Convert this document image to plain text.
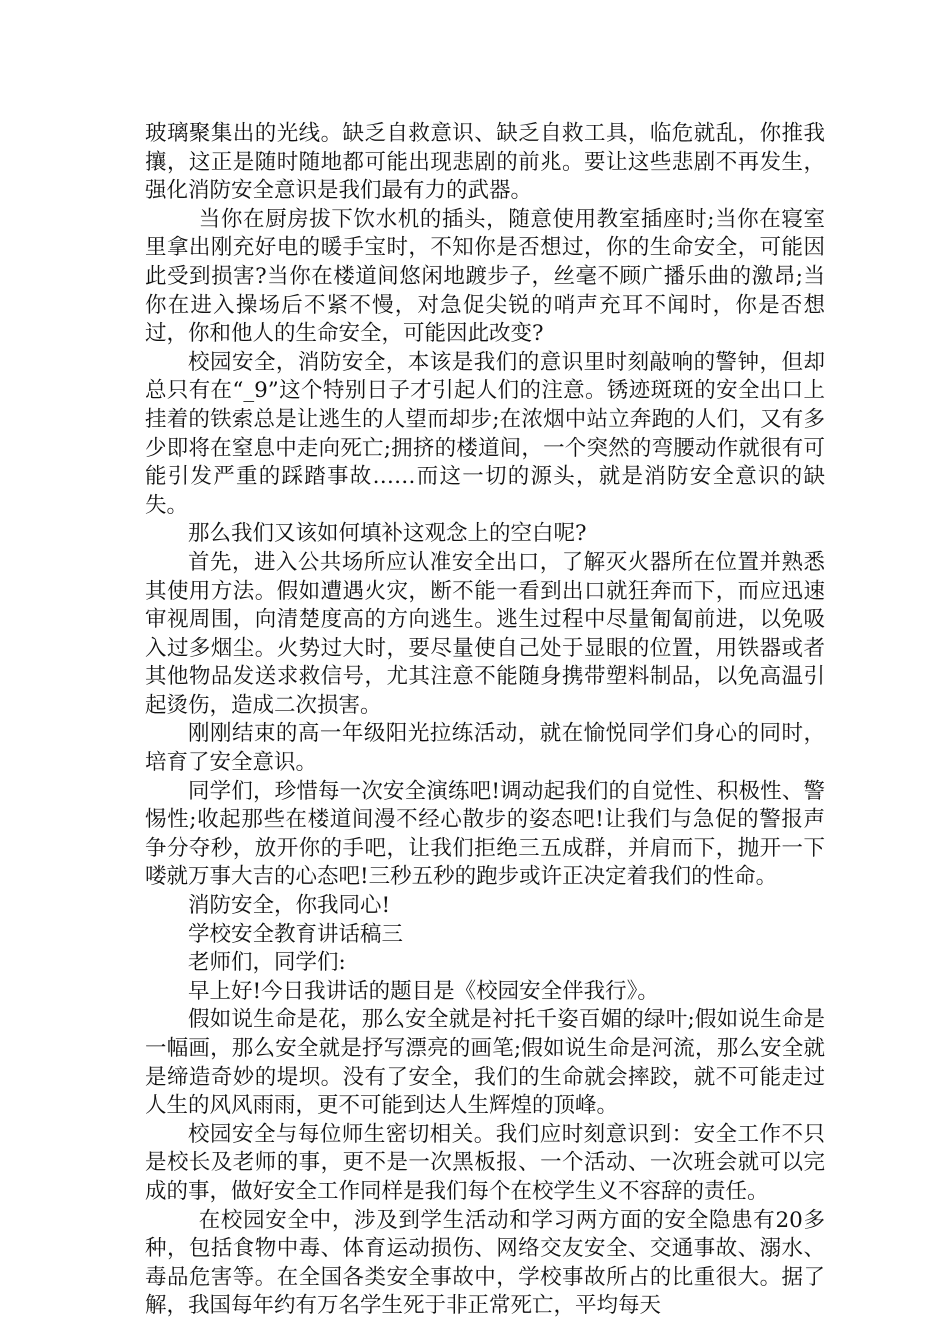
玻璃聚集出的光线。缺乏自救意识、缺乏自救工具，临危就乱，你推我攘，这正是随时随地都可能出现悲剧的前兆。要让这些悲剧不再发生，强化消防安全意识是我们最有力的武器。

当你在厨房拔下饮水机的插头，随意使用教室插座时;当你在寝室里拿出刚充好电的暖手宝时，不知你是否想过，你的生命安全，可能因此受到损害?当你在楼道间悠闲地踱步子，丝毫不顾广播乐曲的激昂;当你在进入操场后不紧不慢，对急促尖锐的哨声充耳不闻时，你是否想过，你和他人的生命安全，可能因此改变?

校园安全，消防安全，本该是我们的意识里时刻敲响的警钟，但却总只有在“_9”这个特别日子才引起人们的注意。锈迹斑斑的安全出口上挂着的铁索总是让逃生的人望而却步;在浓烟中站立奔跑的人们，又有多少即将在窒息中走向死亡;拥挤的楼道间，一个突然的弯腰动作就很有可能引发严重的踩踏事故……而这一切的源头，就是消防安全意识的缺失。

那么我们又该如何填补这观念上的空白呢?

首先，进入公共场所应认准安全出口，了解灭火器所在位置并熟悉其使用方法。假如遭遇火灾，断不能一看到出口就狂奔而下，而应迅速审视周围，向清楚度高的方向逃生。逃生过程中尽量匍匐前进，以免吸入过多烟尘。火势过大时，要尽量使自己处于显眼的位置，用铁器或者其他物品发送求救信号，尤其注意不能随身携带塑料制品，以免高温引起烫伤，造成二次损害。

刚刚结束的高一年级阳光拉练活动，就在愉悦同学们身心的同时，培育了安全意识。

同学们，珍惜每一次安全演练吧!调动起我们的自觉性、积极性、警惕性;收起那些在楼道间漫不经心散步的姿态吧!让我们与急促的警报声争分夺秒，放开你的手吧，让我们拒绝三五成群，并肩而下，抛开一下喽就万事大吉的心态吧!三秒五秒的跑步或许正决定着我们的性命。

消防安全，你我同心!

学校安全教育讲话稿三

老师们，同学们:

早上好!今日我讲话的题目是《校园安全伴我行》。

假如说生命是花，那么安全就是衬托千姿百媚的绿叶;假如说生命是一幅画，那么安全就是抒写漂亮的画笔;假如说生命是河流，那么安全就是缔造奇妙的堤坝。没有了安全，我们的生命就会摔跤，就不可能走过人生的风风雨雨，更不可能到达人生辉煌的顶峰。

校园安全与每位师生密切相关。我们应时刻意识到：安全工作不只是校长及老师的事，更不是一次黑板报、一个活动、一次班会就可以完成的事，做好安全工作同样是我们每个在校学生义不容辞的责任。

在校园安全中，涉及到学生活动和学习两方面的安全隐患有20多种，包括食物中毒、体育运动损伤、网络交友安全、交通事故、溺水、毒品危害等。在全国各类安全事故中，学校事故所占的比重很大。据了解，我国每年约有万名学生死于非正常死亡，平均每天
